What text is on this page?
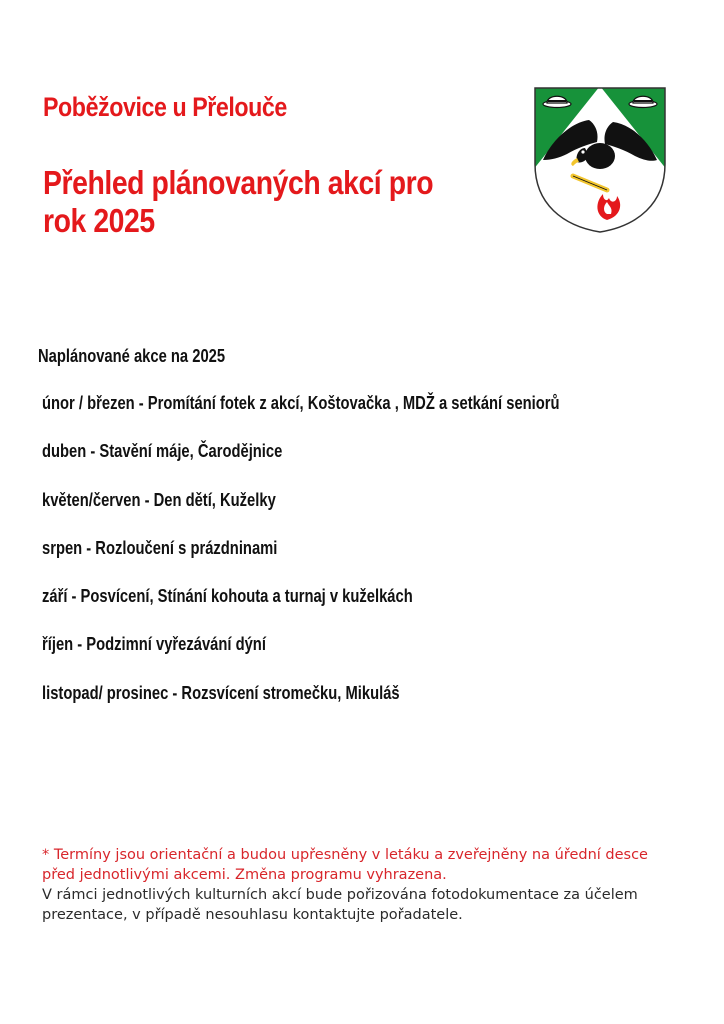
Poběžovice u Přelouče
Přehled plánovaných akcí pro rok 2025
Naplánované akce na 2025
únor / březen - Promítání fotek z akcí, Koštovačka , MDŽ a setkání seniorů
duben - Stavění máje, Čarodějnice
květen/červen - Den dětí, Kuželky
srpen - Rozloučení s prázdninami
září - Posvícení, Stínání kohouta a turnaj v kuželkách
říjen - Podzimní vyřezávání dýní
listopad/ prosinec - Rozsvícení stromečku, Mikuláš

* Termíny jsou orientační a budou upřesněny v letáku a zveřejněny na úřední desce před jednotlivými akcemi. Změna programu vyhrazena.

V rámci jednotlivých kulturních akcí bude pořizována fotodokumentace za účelem prezentace, v případě nesouhlasu kontaktujte pořadatele.
